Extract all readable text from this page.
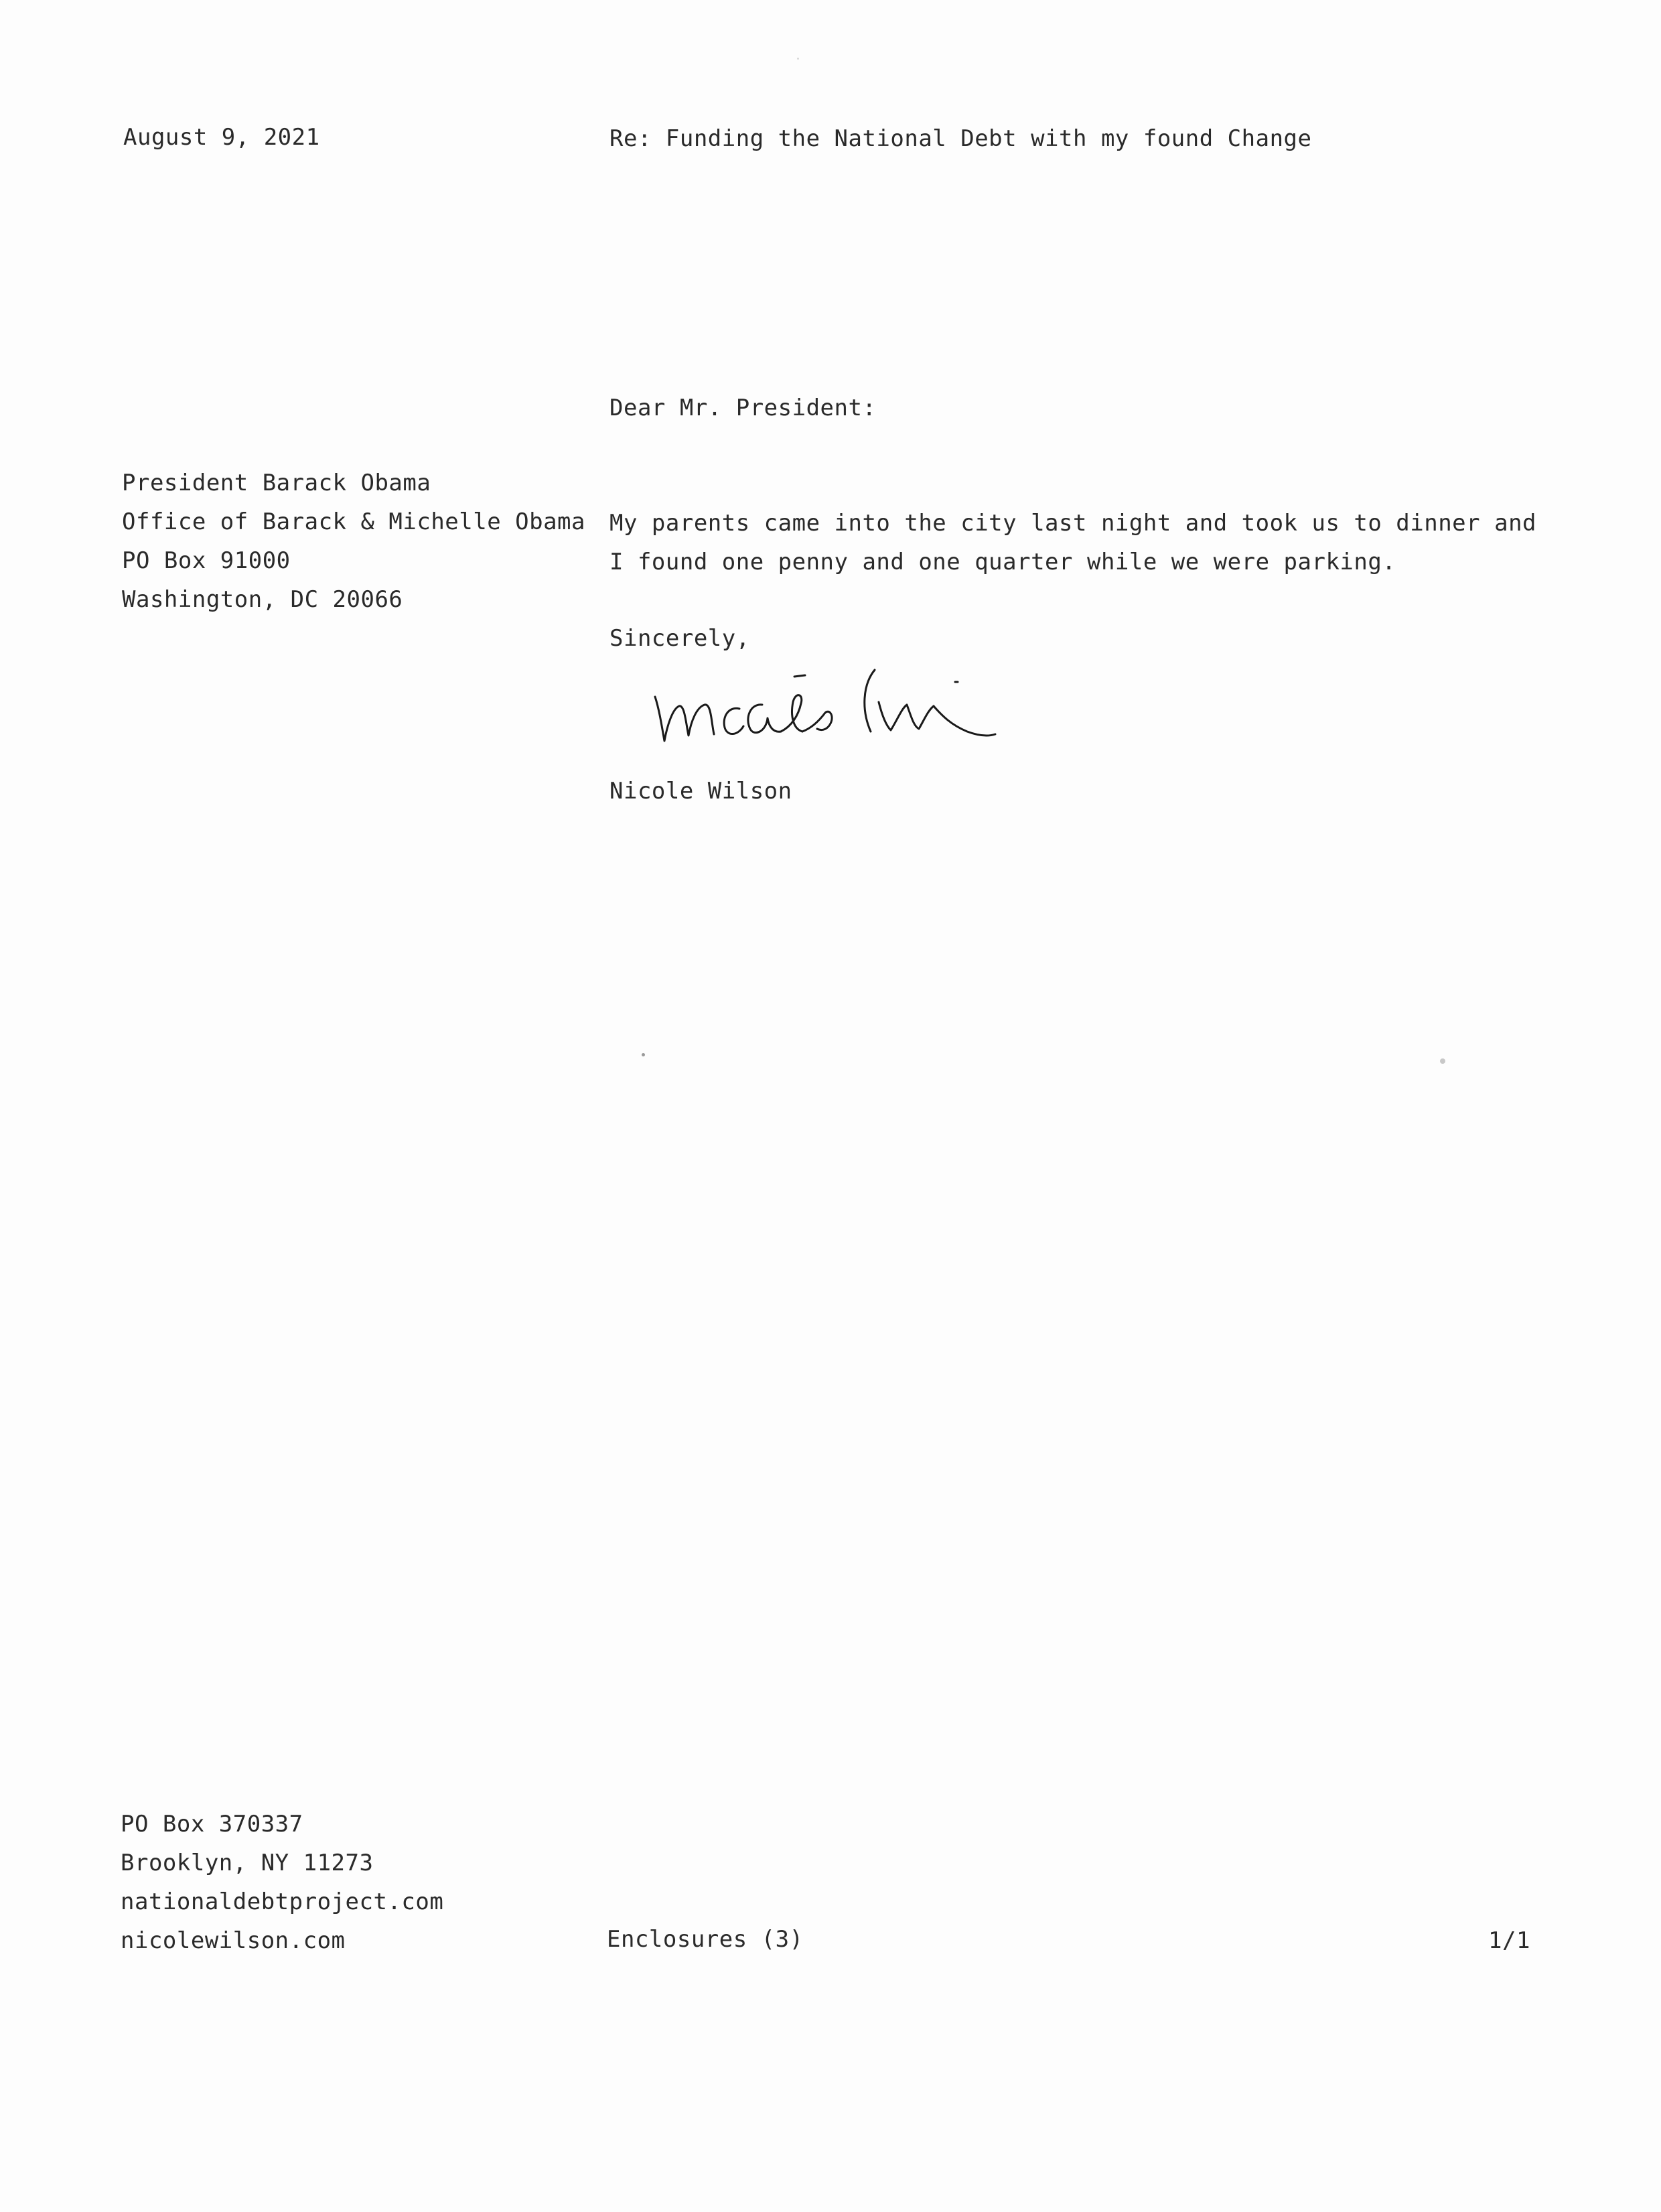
August 9, 2021	Re: Funding the National Debt with my found Change
Dear Mr. President:
President Barack Obama
Office of Barack & Michelle Obama
PO Box 91000
Washington, DC 20066
My parents came into the city last night and took us to dinner and
I found one penny and one quarter while we were parking.
Sincerely,
Nicole Wilson
PO Box 370337
Brooklyn, NY 11273
nationaldebtproject.com
nicolewilson.com	Enclosures (3)	1/1
